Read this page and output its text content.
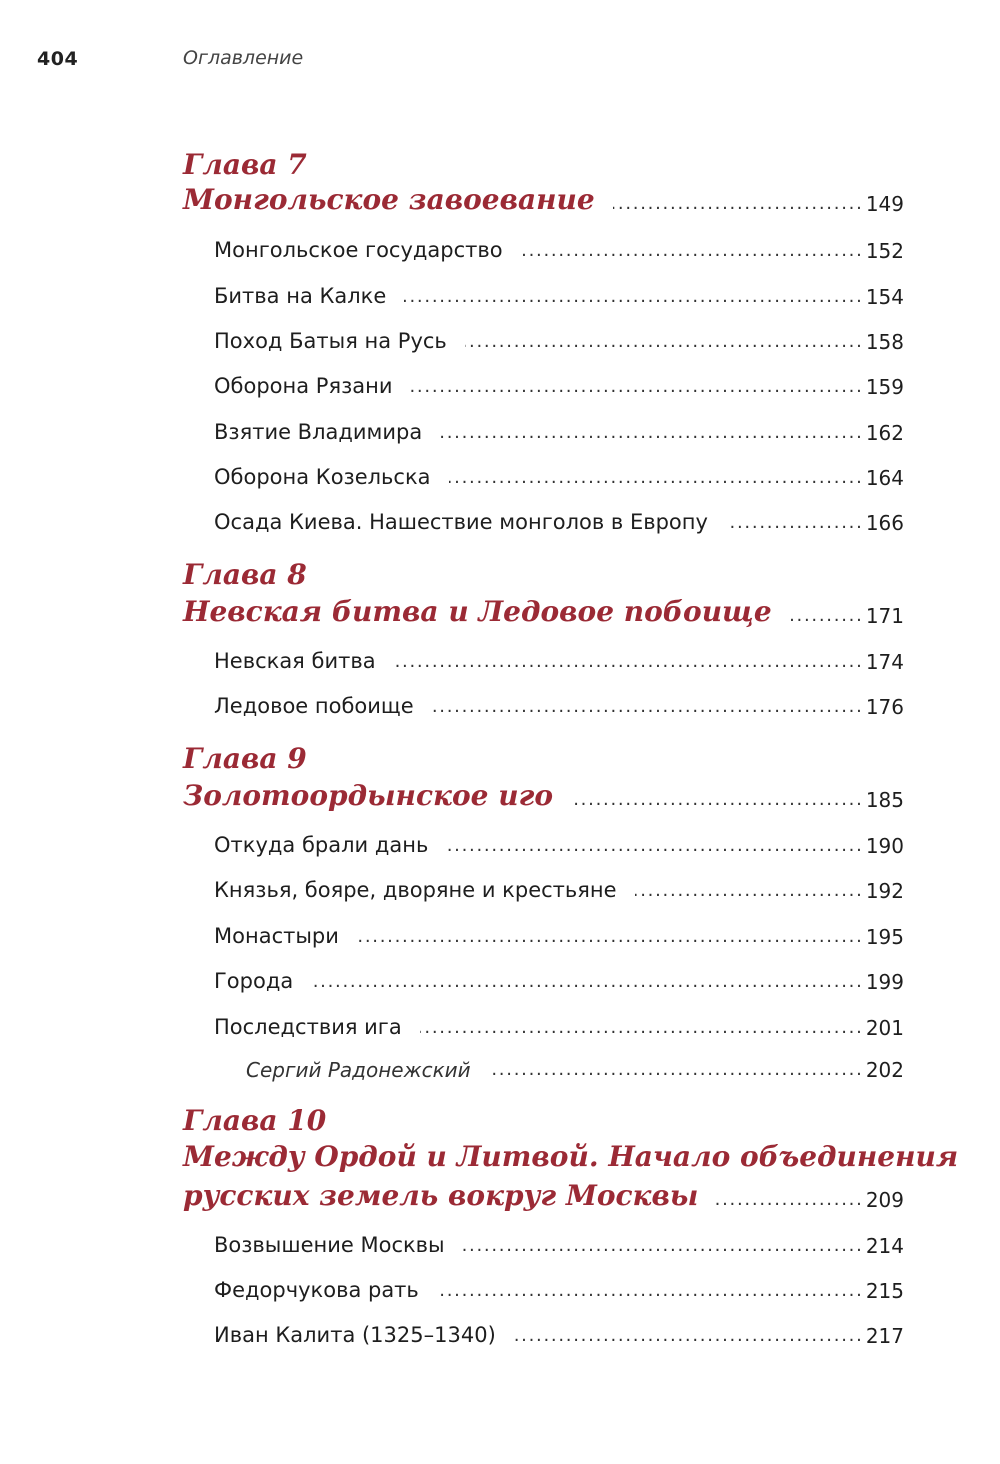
404	Оглавление
Глава 7
Монгольское завоевание . . .	149
Монгольское государство . . .	152
Битва на Калке . . .	154
Поход Батыя на Русь . . .	158
Оборона Рязани . . .	159
Взятие Владимира . . .	162
Оборона Козельска . . .	164
Осада Киева. Нашествие монголов в Европу . . .	166
Глава 8
Невская битва и Ледовое побоище . . .	171
Невская битва . . .	174
Ледовое побоище . . .	176
Глава 9
Золотоордынское иго . . .	185
Откуда брали дань . . .	190
Князья, бояре, дворяне и крестьяне . . .	192
Монастыри . . .	195
Города . . .	199
Последствия ига . . .	201
Сергий Радонежский . . .	202
Глава 10
Между Ордой и Литвой. Начало объединения
русских земель вокруг Москвы . . .	209
Возвышение Москвы . . .	214
Федорчукова рать . . .	215
Иван Калита (1325–1340) . . .	217
